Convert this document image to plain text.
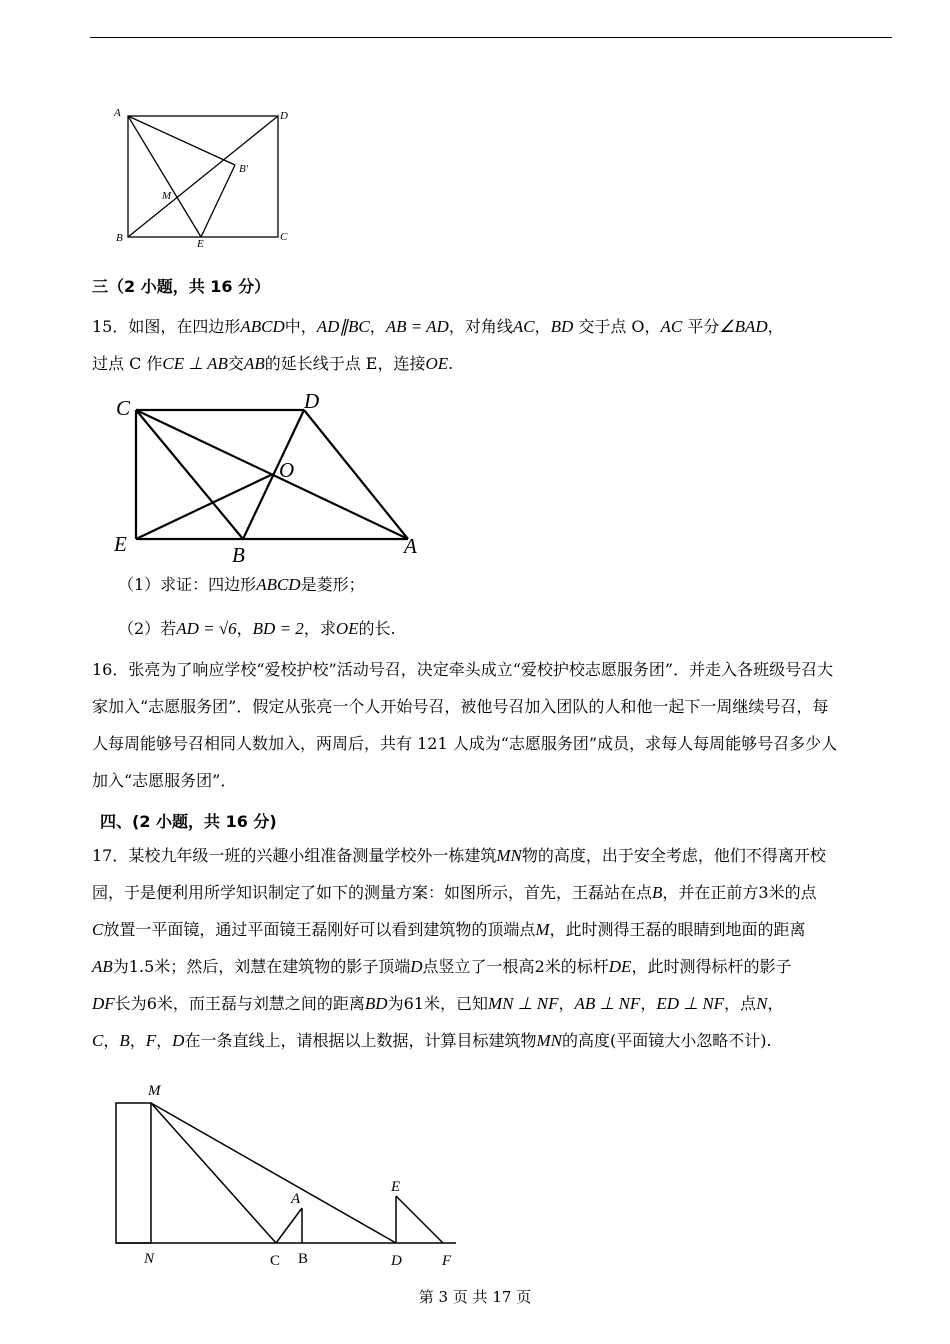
A	D
B	C
E
M
B′
三（2 小题，共 16 分）

15．如图，在四边形ABCD中，AD∥BC，AB = AD，对角线AC，BD 交于点 O，AC 平分∠BAD，

过点 C 作CE ⊥ AB交AB的延长线于点 E，连接OE.

C	D
O
E	B	A
（1）求证：四边形ABCD是菱形；
（2）若AD = √6，BD = 2，求OE的长.

16．张亮为了响应学校“爱校护校”活动号召，决定牵头成立“爱校护校志愿服务团”．并走入各班级号召大

家加入“志愿服务团”．假定从张亮一个人开始号召，被他号召加入团队的人和他一起下一周继续号召，每

人每周能够号召相同人数加入，两周后，共有 121 人成为“志愿服务团”成员，求每人每周能够号召多少人

加入“志愿服务团”．

四、(2 小题，共 16 分)

17．某校九年级一班的兴趣小组准备测量学校外一栋建筑MN物的高度，出于安全考虑，他们不得离开校

园，于是便利用所学知识制定了如下的测量方案：如图所示，首先，王磊站在点B，并在正前方3米的点

C放置一平面镜，通过平面镜王磊刚好可以看到建筑物的顶端点M，此时测得王磊的眼睛到地面的距离

AB为1.5米；然后，刘慧在建筑物的影子顶端D点竖立了一根高2米的标杆DE，此时测得标杆的影子

DF长为6米，而王磊与刘慧之间的距离BD为61米，已知MN ⊥ NF，AB ⊥ NF，ED ⊥ NF，点N，

C，B，F，D在一条直线上，请根据以上数据，计算目标建筑物MN的高度(平面镜大小忽略不计).

M
N	C
A
B
E
D	F
第 3 页 共 17 页
